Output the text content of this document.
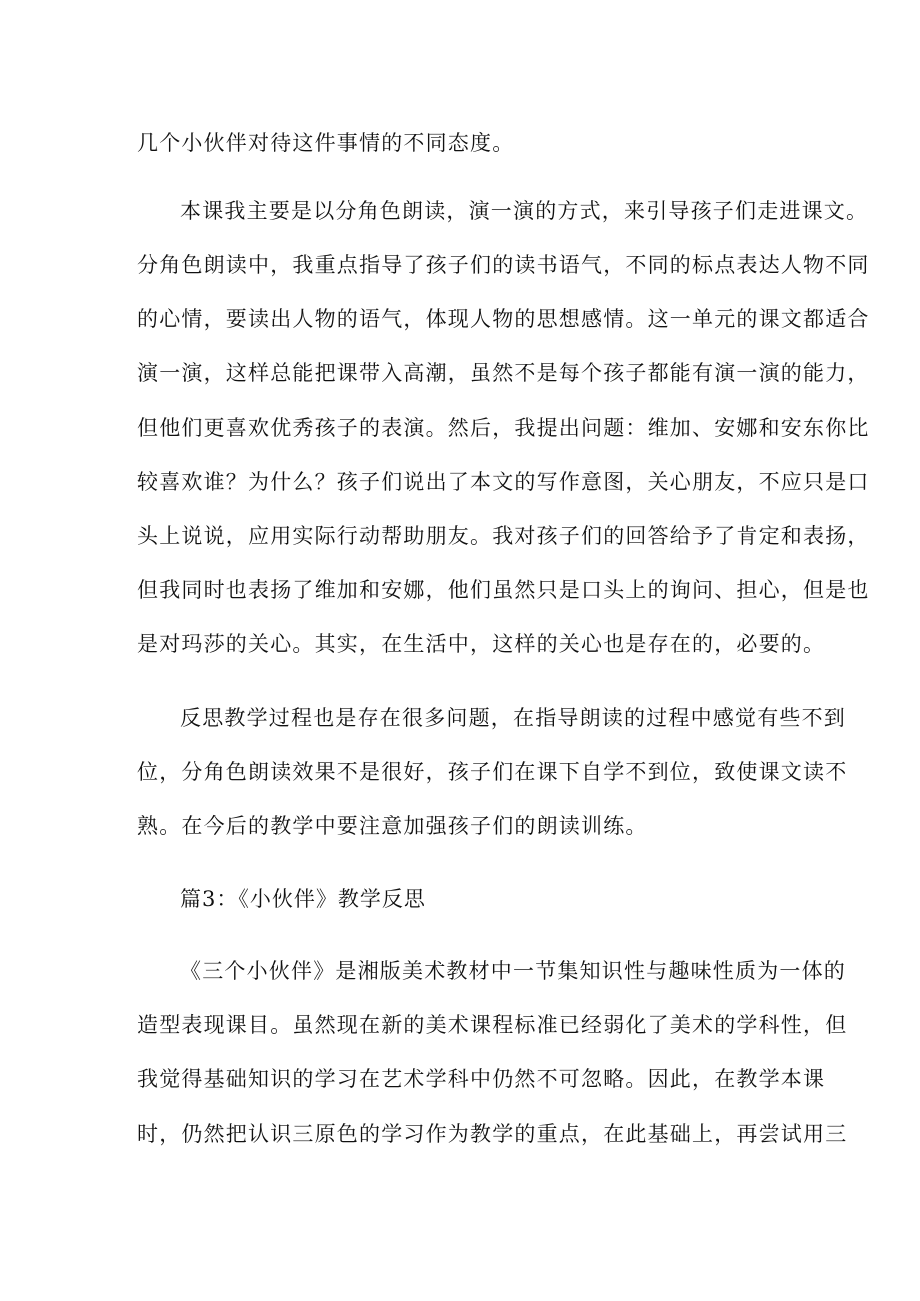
几个小伙伴对待这件事情的不同态度。
本课我主要是以分角色朗读，演一演的方式，来引导孩子们走进课文。
分角色朗读中，我重点指导了孩子们的读书语气，不同的标点表达人物不同
的心情，要读出人物的语气，体现人物的思想感情。这一单元的课文都适合
演一演，这样总能把课带入高潮，虽然不是每个孩子都能有演一演的能力，
但他们更喜欢优秀孩子的表演。然后，我提出问题：维加、安娜和安东你比
较喜欢谁？为什么？孩子们说出了本文的写作意图，关心朋友，不应只是口
头上说说，应用实际行动帮助朋友。我对孩子们的回答给予了肯定和表扬，
但我同时也表扬了维加和安娜，他们虽然只是口头上的询问、担心，但是也
是对玛莎的关心。其实，在生活中，这样的关心也是存在的，必要的。
反思教学过程也是存在很多问题，在指导朗读的过程中感觉有些不到
位，分角色朗读效果不是很好，孩子们在课下自学不到位，致使课文读不
熟。在今后的教学中要注意加强孩子们的朗读训练。
篇3：《小伙伴》教学反思
《三个小伙伴》是湘版美术教材中一节集知识性与趣味性质为一体的
造型表现课目。虽然现在新的美术课程标准已经弱化了美术的学科性，但
我觉得基础知识的学习在艺术学科中仍然不可忽略。因此，在教学本课
时，仍然把认识三原色的学习作为教学的重点，在此基础上，再尝试用三
